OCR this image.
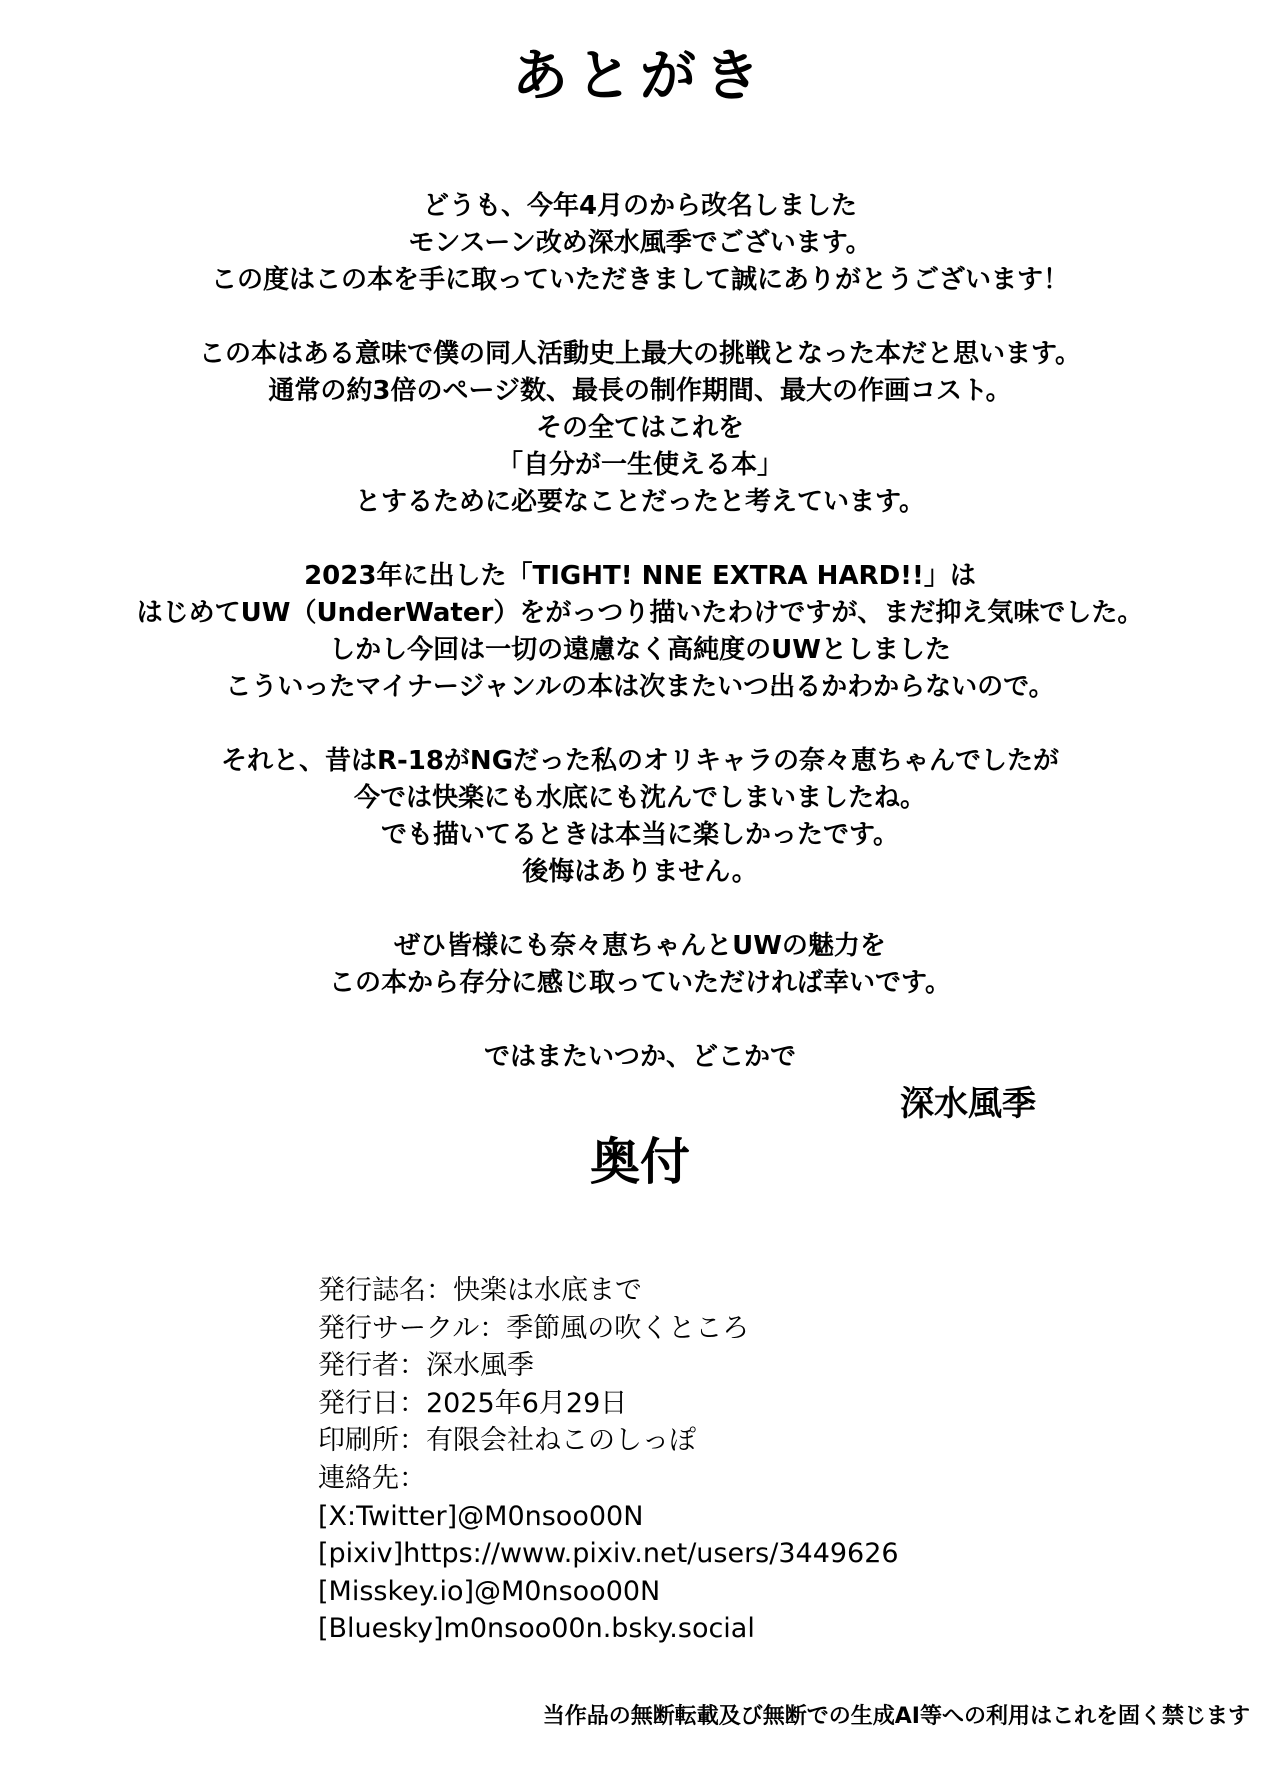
あとがき

どうも、今年4月のから改名しました
モンスーン改め深水風季でございます。
この度はこの本を手に取っていただきまして誠にありがとうございます！

この本はある意味で僕の同人活動史上最大の挑戦となった本だと思います。
通常の約3倍のページ数、最長の制作期間、最大の作画コスト。
その全てはこれを
「自分が一生使える本」
とするために必要なことだったと考えています。

2023年に出した「TIGHT! NNE EXTRA HARD!!」は
はじめてUW（UnderWater）をがっつり描いたわけですが、まだ抑え気味でした。
しかし今回は一切の遠慮なく高純度のUWとしました
こういったマイナージャンルの本は次またいつ出るかわからないので。

それと、昔はR-18がNGだった私のオリキャラの奈々恵ちゃんでしたが
今では快楽にも水底にも沈んでしまいましたね。
でも描いてるときは本当に楽しかったです。
後悔はありません。

ぜひ皆様にも奈々恵ちゃんとUWの魅力を
この本から存分に感じ取っていただければ幸いです。

ではまたいつか、どこかで

深水風季
奥付
発行誌名：快楽は水底まで
発行サークル：季節風の吹くところ
発行者：深水風季
発行日：2025年6月29日
印刷所：有限会社ねこのしっぽ
連絡先：
[X:Twitter]@M0nsoo00N
[pixiv]https://www.pixiv.net/users/3449626
[Misskey.io]@M0nsoo00N
[Bluesky]m0nsoo00n.bsky.social
当作品の無断転載及び無断での生成AI等への利用はこれを固く禁じます
